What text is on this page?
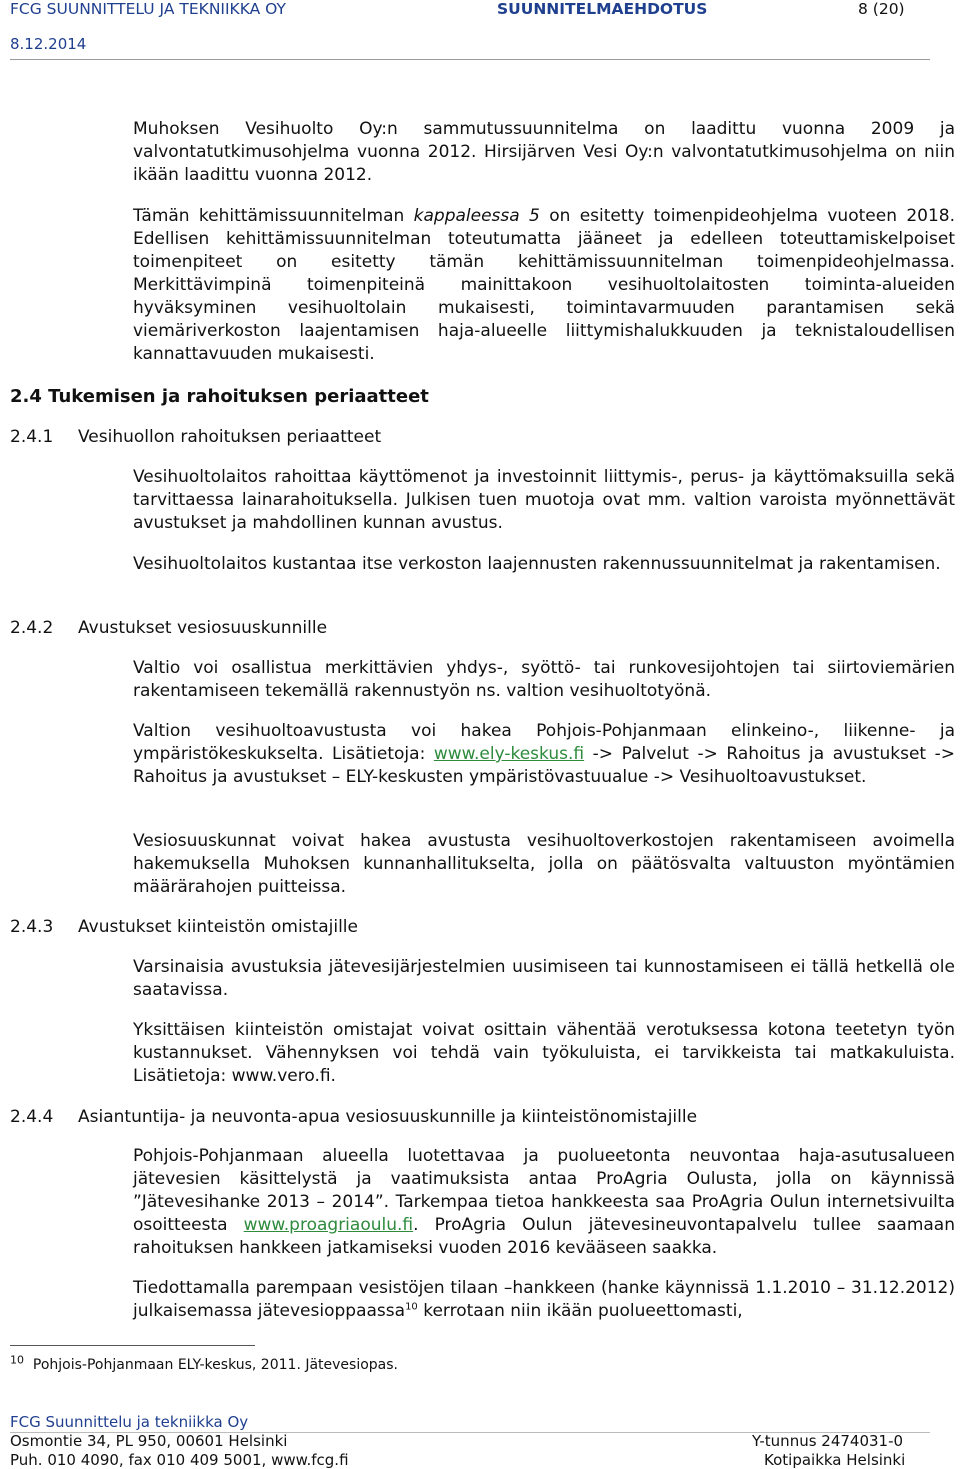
FCG SUUNNITTELU JA TEKNIIKKA OY	SUUNNITELMAEHDOTUS	8 (20)
8.12.2014
Muhoksen Vesihuolto Oy:n sammutussuunnitelma on laadittu vuonna 2009 ja valvontatutkimusohjelma vuonna 2012. Hirsijärven Vesi Oy:n valvontatutkimusohjelma on niin ikään laadittu vuonna 2012.
Tämän kehittämissuunnitelman kappaleessa 5 on esitetty toimenpideohjelma vuoteen 2018. Edellisen kehittämissuunnitelman toteutumatta jääneet ja edelleen toteuttamiskelpoiset toimenpiteet on esitetty tämän kehittämissuunnitelman toimenpideohjelmassa. Merkittävimpinä toimenpiteinä mainittakoon vesihuoltolaitosten toiminta-alueiden hyväksyminen vesihuoltolain mukaisesti, toimintavarmuuden parantamisen sekä viemäriverkoston laajentamisen haja-alueelle liittymishalukkuuden ja teknistaloudellisen kannattavuuden mukaisesti.
2.4 Tukemisen ja rahoituksen periaatteet
2.4.1 Vesihuollon rahoituksen periaatteet
Vesihuoltolaitos rahoittaa käyttömenot ja investoinnit liittymis-, perus- ja käyttömaksuilla sekä tarvittaessa lainarahoituksella. Julkisen tuen muotoja ovat mm. valtion varoista myönnettävät avustukset ja mahdollinen kunnan avustus.
Vesihuoltolaitos kustantaa itse verkoston laajennusten rakennussuunnitelmat ja rakentamisen.
2.4.2 Avustukset vesiosuuskunnille
Valtio voi osallistua merkittävien yhdys-, syöttö- tai runkovesijohtojen tai siirtoviemärien rakentamiseen tekemällä rakennustyön ns. valtion vesihuoltotyönä.
Valtion vesihuoltoavustusta voi hakea Pohjois-Pohjanmaan elinkeino-, liikenne- ja ympäristökeskukselta. Lisätietoja: www.ely-keskus.fi -> Palvelut -> Rahoitus ja avustukset -> Rahoitus ja avustukset – ELY-keskusten ympäristövastuualue -> Vesihuoltoavustukset.
Vesiosuuskunnat voivat hakea avustusta vesihuoltoverkostojen rakentamiseen avoimella hakemuksella Muhoksen kunnanhallitukselta, jolla on päätösvalta valtuuston myöntämien määrärahojen puitteissa.
2.4.3 Avustukset kiinteistön omistajille
Varsinaisia avustuksia jätevesijärjestelmien uusimiseen tai kunnostamiseen ei tällä hetkellä ole saatavissa.
Yksittäisen kiinteistön omistajat voivat osittain vähentää verotuksessa kotona teetetyn työn kustannukset. Vähennyksen voi tehdä vain työkuluista, ei tarvikkeista tai matkakuluista. Lisätietoja: www.vero.fi.
2.4.4 Asiantuntija- ja neuvonta-apua vesiosuuskunnille ja kiinteistönomistajille
Pohjois-Pohjanmaan alueella luotettavaa ja puolueetonta neuvontaa haja-asutusalueen jätevesien käsittelystä ja vaatimuksista antaa ProAgria Oulusta, jolla on käynnissä ”Jätevesihanke 2013 – 2014”. Tarkempaa tietoa hankkeesta saa ProAgria Oulun internetsivuilta osoitteesta www.proagriaoulu.fi. ProAgria Oulun jätevesineuvontapalvelu tullee saamaan rahoituksen hankkeen jatkamiseksi vuoden 2016 kevääseen saakka.
Tiedottamalla parempaan vesistöjen tilaan –hankkeen (hanke käynnissä 1.1.2010 – 31.12.2012) julkaisemassa jätevesioppaassa$^{10}$ kerrotaan niin ikään puolueettomasti,
$^{10}$ Pohjois-Pohjanmaan ELY-keskus, 2011. Jätevesiopas.
FCG Suunnittelu ja tekniikka Oy
Osmontie 34, PL 950, 00601 Helsinki
Puh. 010 4090, fax 010 409 5001, www.fcg.fi
Y-tunnus 2474031-0
Kotipaikka Helsinki
